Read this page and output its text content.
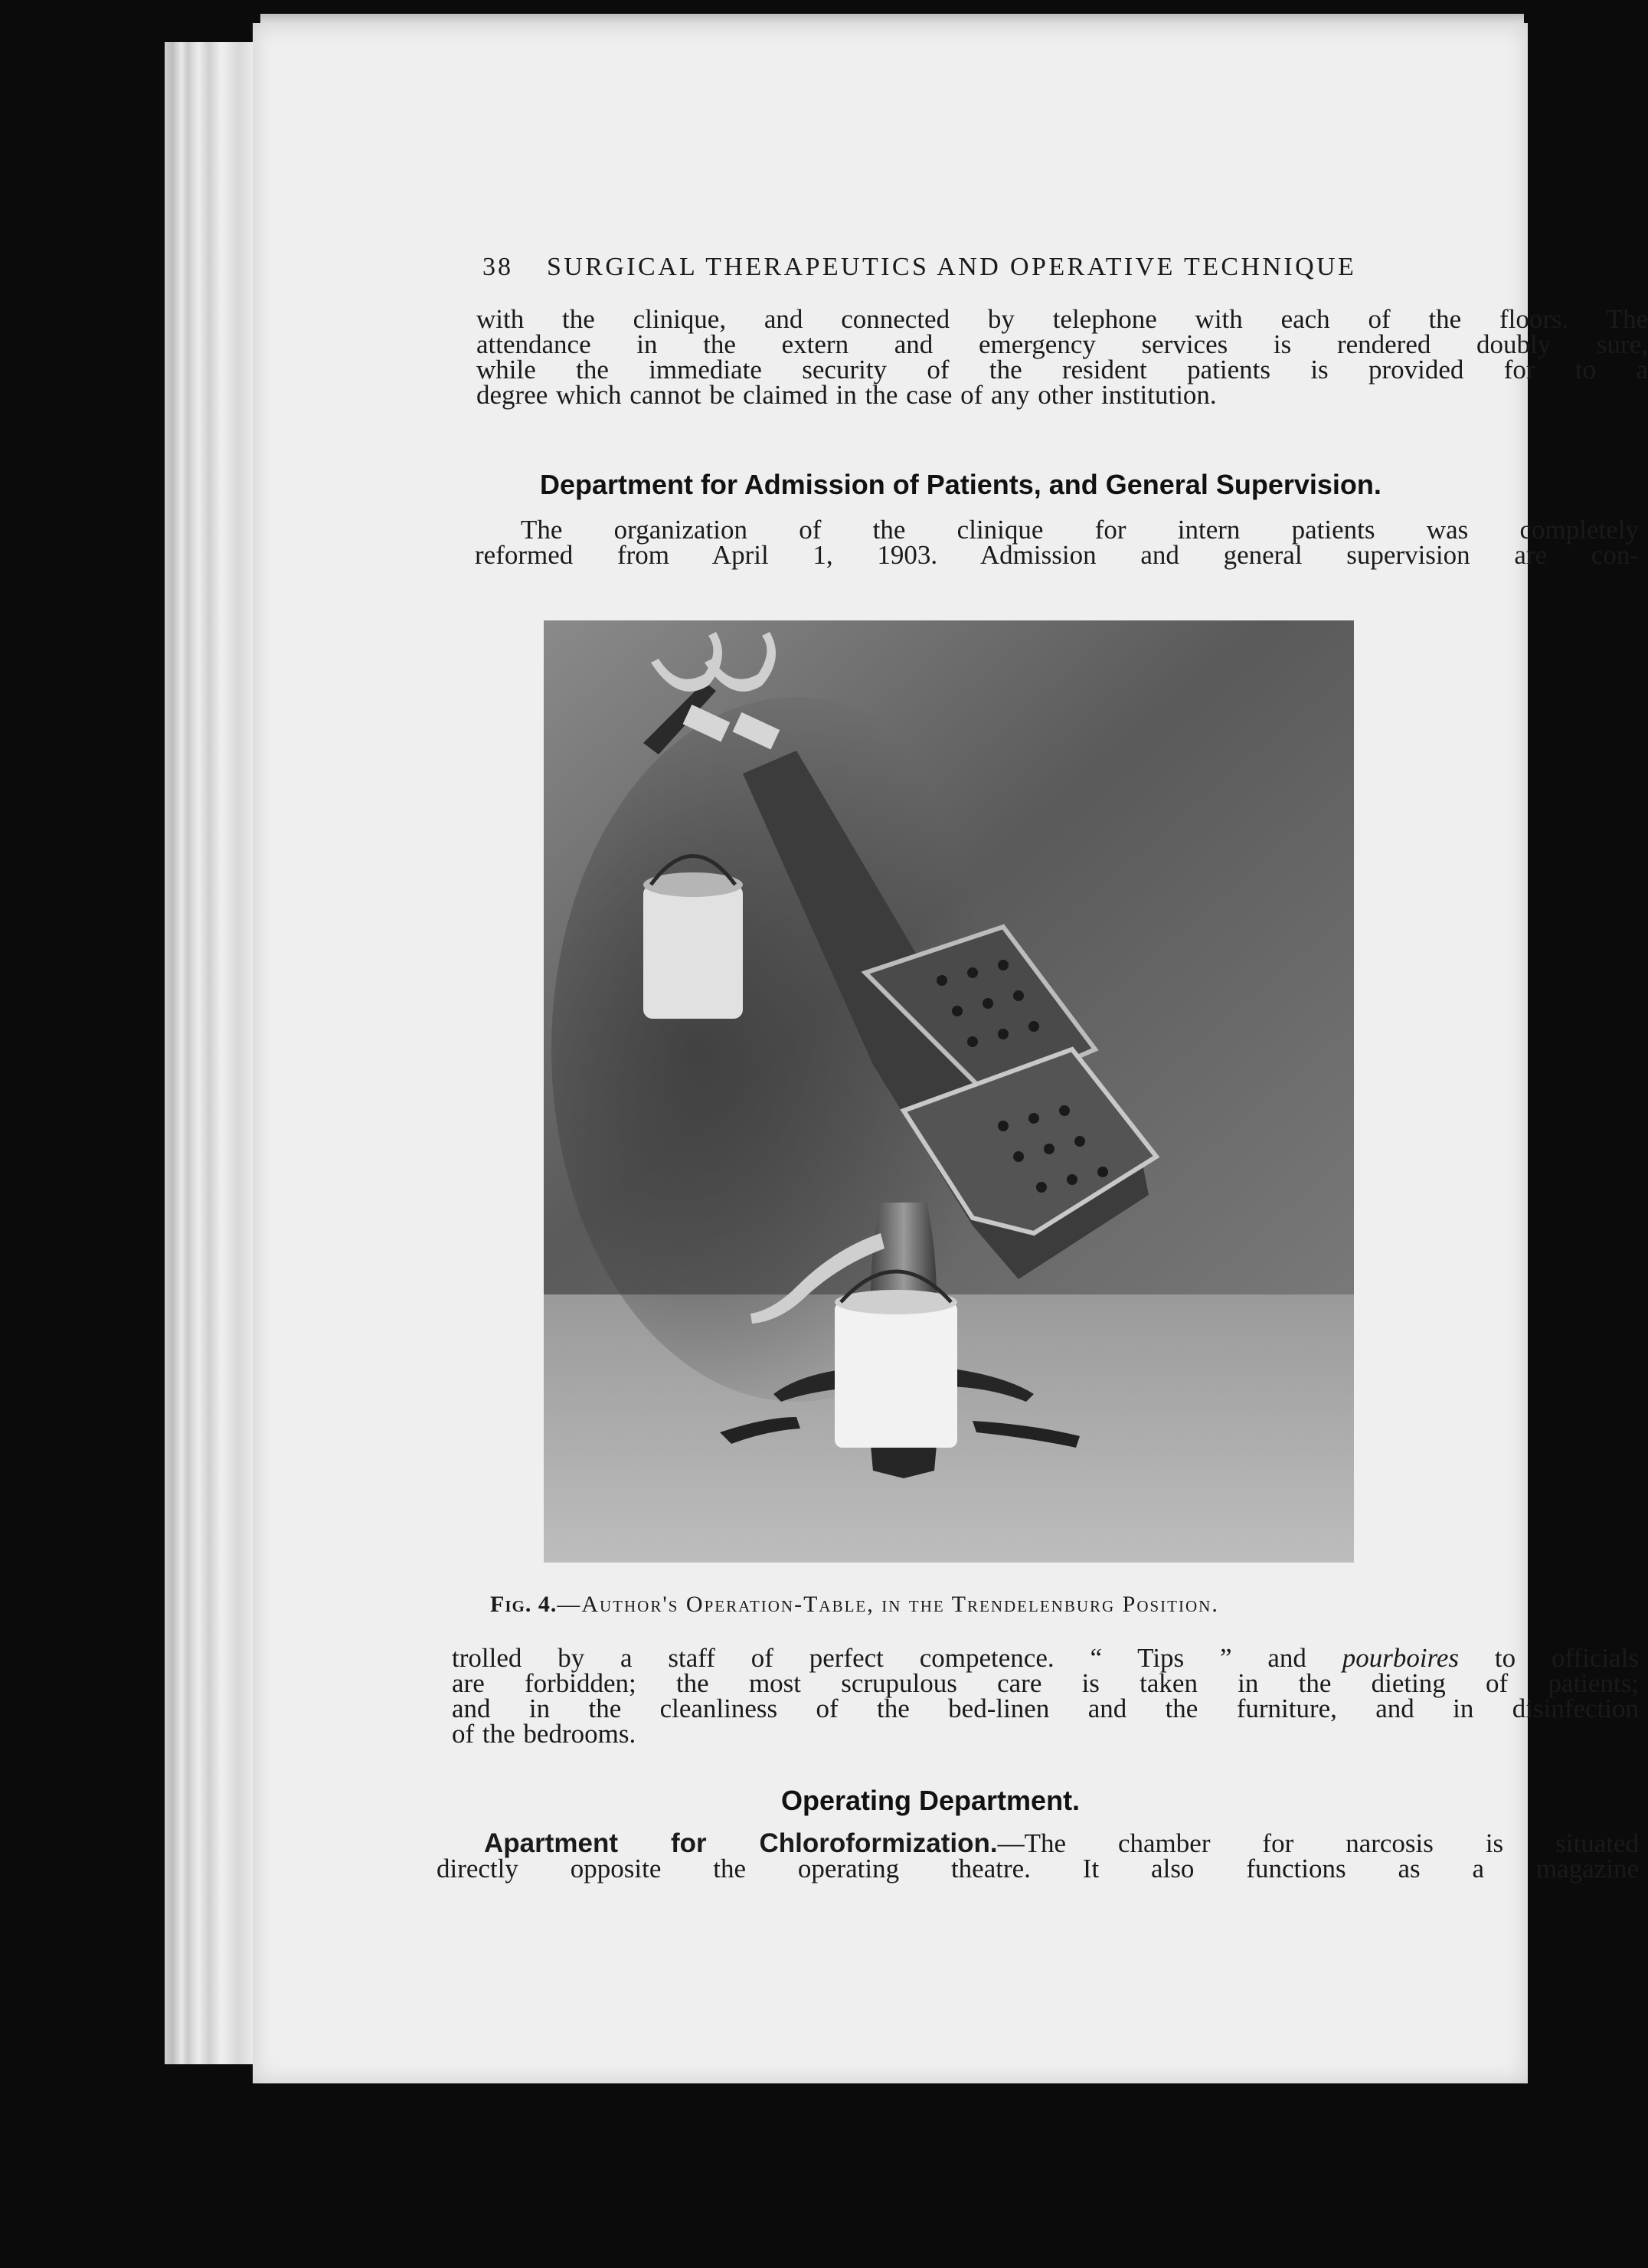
38 SURGICAL THERAPEUTICS AND OPERATIVE TECHNIQUE
with the clinique, and connected by telephone with each of the floors. The
attendance in the extern and emergency services is rendered doubly sure,
while the immediate security of the resident patients is provided for to a
degree which cannot be claimed in the case of any other institution.
Department for Admission of Patients, and General Supervision.
The organization of the clinique for intern patients was completely
reformed from April 1, 1903. Admission and general supervision are con-
Fig. 4.—Author's Operation-Table, in the Trendelenburg Position.
trolled by a staff of perfect competence. “ Tips ” and pourboires to officials
are forbidden; the most scrupulous care is taken in the dieting of patients;
and in the cleanliness of the bed-linen and the furniture, and in disinfection
of the bedrooms.
Operating Department.
Apartment for Chloroformization.—The chamber for narcosis is situated
directly opposite the operating theatre. It also functions as a magazine
